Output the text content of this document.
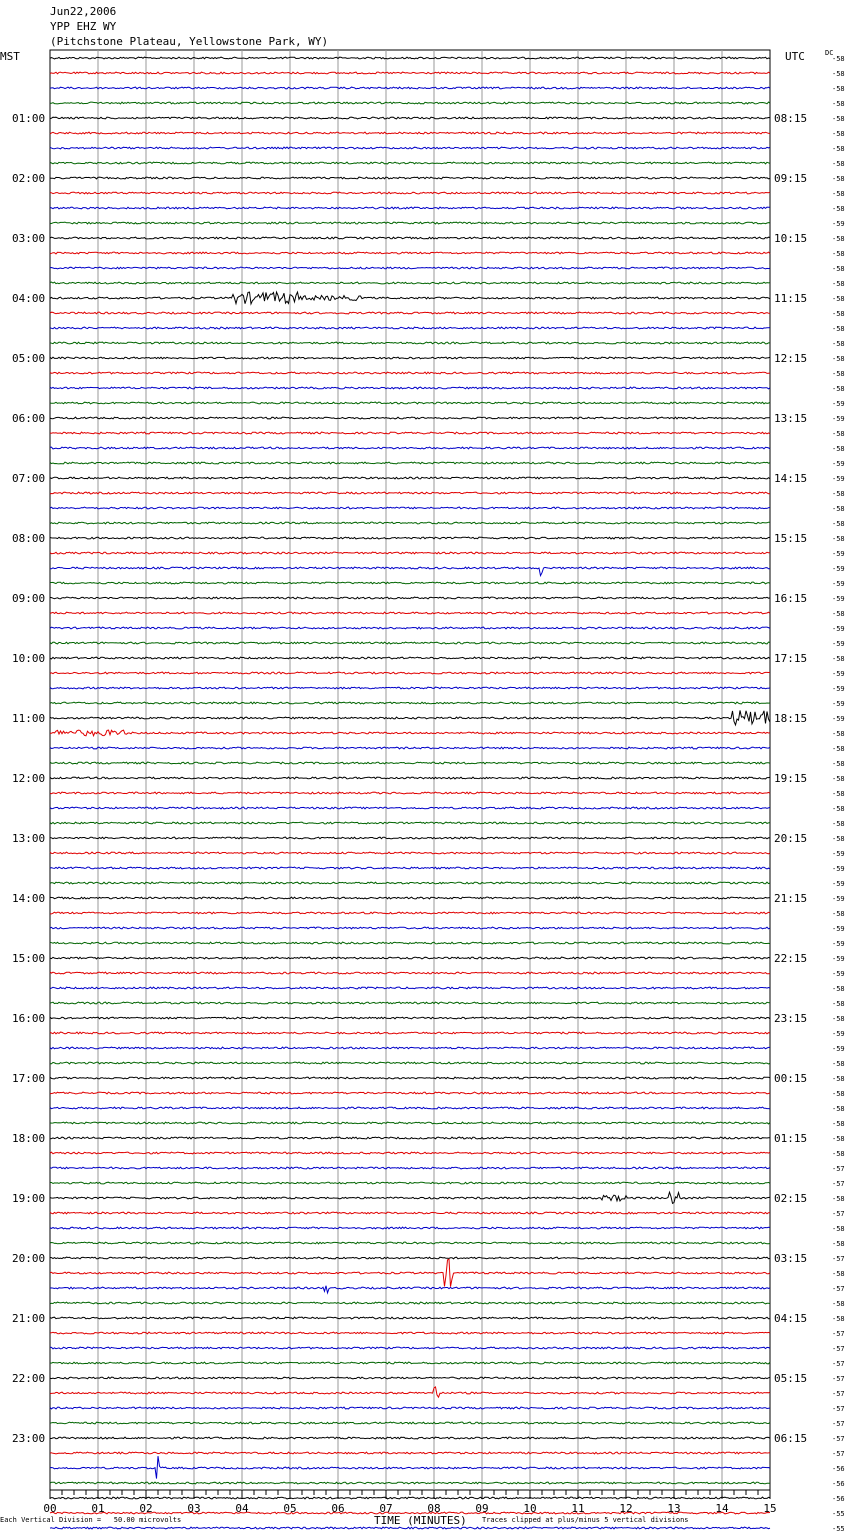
Jun22,2006
YPP EHZ WY
(Pitchstone Plateau, Yellowstone Park, WY)
MST	UTC	DC
-58
-58
-58
-58
-58
-58
-58
-58
-58
-58
-58
-59
-58
-58
-58
-58
-58
-58
-58
-58
-58
-58
-58
-59
-59
-58
-58
-59
-59
-58
-58
-58
-58
-59
-59
-59
-59
-58
-59
-59
-58
-59
-59
-59
-59
-58
-58
-58
-58
-58
-58
-58
-58
-59
-59
-59
-59
-58
-59
-59
-59
-59
-58
-58
-58
-59
-59
-58
-58
-58
-58
-58
-58
-58
-57
-57
-58
-57
-58
-58
-57
-58
-57
-58
-58
-57
-57
-57
-57
-57
-57
-57
-57
-57
-56
-56
-56
-55
-55
01:00	08:15
02:00	09:15
03:00	10:15
04:00	11:15
05:00	12:15
06:00	13:15
07:00	14:15
08:00	15:15
09:00	16:15
10:00	17:15
11:00	18:15
12:00	19:15
13:00	20:15
14:00	21:15
15:00	22:15
16:00	23:15
17:00	00:15
18:00	01:15
19:00	02:15
20:00	03:15
21:00	04:15
22:00	05:15
23:00	06:15
00	01	02	03	04	05	06	07	08	09	10	11	12	13	14	15
Each Vertical Division =   50.00 microvolts	TIME (MINUTES) Traces clipped at plus/minus 5 vertical divisions
